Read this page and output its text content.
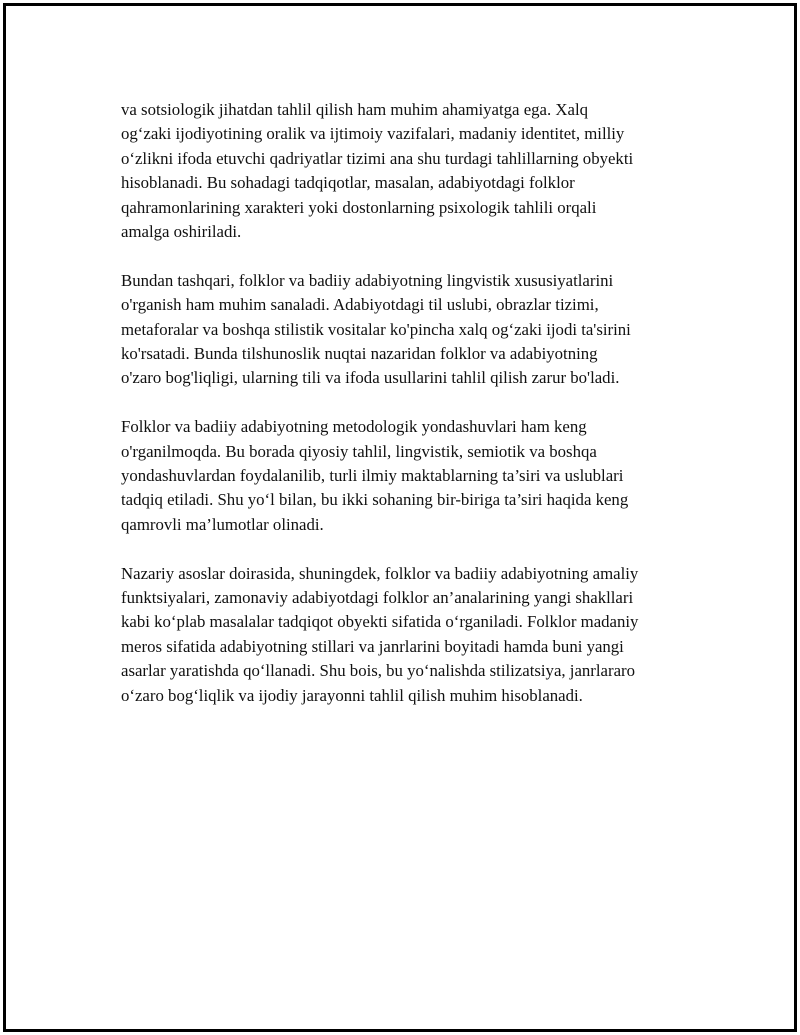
va sotsiologik jihatdan tahlil qilish ham muhim ahamiyatga ega. Xalq
og‘zaki ijodiyotining oralik va ijtimoiy vazifalari, madaniy identitet, milliy
o‘zlikni ifoda etuvchi qadriyatlar tizimi ana shu turdagi tahlillarning obyekti
hisoblanadi. Bu sohadagi tadqiqotlar, masalan, adabiyotdagi folklor
qahramonlarining xarakteri yoki dostonlarning psixologik tahlili orqali
amalga oshiriladi.

Bundan tashqari, folklor va badiiy adabiyotning lingvistik xususiyatlarini
o'rganish ham muhim sanaladi. Adabiyotdagi til uslubi, obrazlar tizimi,
metaforalar va boshqa stilistik vositalar ko'pincha xalq og‘zaki ijodi ta'sirini
ko'rsatadi. Bunda tilshunoslik nuqtai nazaridan folklor va adabiyotning
o'zaro bog'liqligi, ularning tili va ifoda usullarini tahlil qilish zarur bo'ladi.

Folklor va badiiy adabiyotning metodologik yondashuvlari ham keng
o'rganilmoqda. Bu borada qiyosiy tahlil, lingvistik, semiotik va boshqa
yondashuvlardan foydalanilib, turli ilmiy maktablarning ta’siri va uslublari
tadqiq etiladi. Shu yo‘l bilan, bu ikki sohaning bir-biriga ta’siri haqida keng
qamrovli ma’lumotlar olinadi.

Nazariy asoslar doirasida, shuningdek, folklor va badiiy adabiyotning amaliy
funktsiyalari, zamonaviy adabiyotdagi folklor an’analarining yangi shakllari
kabi ko‘plab masalalar tadqiqot obyekti sifatida o‘rganiladi. Folklor madaniy
meros sifatida adabiyotning stillari va janrlarini boyitadi hamda buni yangi
asarlar yaratishda qo‘llanadi. Shu bois, bu yo‘nalishda stilizatsiya, janrlararo
o‘zaro bog‘liqlik va ijodiy jarayonni tahlil qilish muhim hisoblanadi.
